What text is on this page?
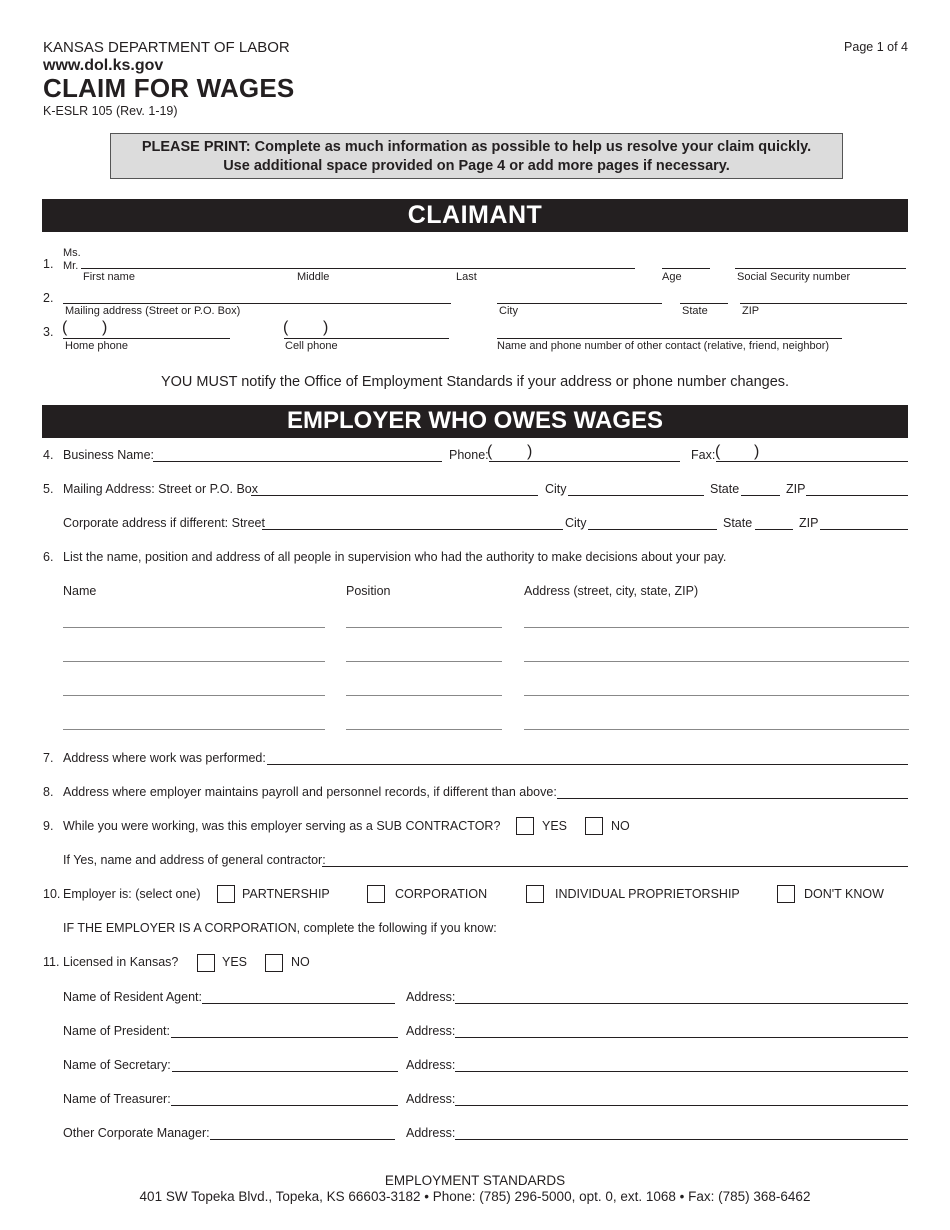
KANSAS DEPARTMENT OF LABOR
www.dol.ks.gov
CLAIM FOR WAGES
K-ESLR 105 (Rev. 1-19)
Page 1 of 4
PLEASE PRINT: Complete as much information as possible to help us resolve your claim quickly.
Use additional space provided on Page 4 or add more pages if necessary.
CLAIMANT
1.
Ms.
Mr.
First name	Middle	Last	Age	Social Security number
2.
Mailing address (Street or P.O. Box)	City	State	ZIP
3. ( )	( )
Home phone	Cell phone	Name and phone number of other contact (relative, friend, neighbor)
YOU MUST notify the Office of Employment Standards if your address or phone number changes.
EMPLOYER WHO OWES WAGES
4. Business Name:	Phone:
( )	Fax: ( )
5. Mailing Address: Street or P.O. Box	City	State	ZIP
Corporate address if different: Street	City	State	ZIP
6. List the name, position and address of all people in supervision who had the authority to make decisions about your pay.
Name	Position	Address (street, city, state, ZIP)
7. Address where work was performed:
8. Address where employer maintains payroll and personnel records, if different than above:
9. While you were working, was this employer serving as a SUB CONTRACTOR?	YES	NO
If Yes, name and address of general contractor:
10. Employer is: (select one)	PARTNERSHIP	CORPORATION	INDIVIDUAL PROPRIETORSHIP	DON'T KNOW
IF THE EMPLOYER IS A CORPORATION, complete the following if you know:
11. Licensed in Kansas?	YES	NO
Name of Resident Agent:	Address:
Name of President:	Address:
Name of Secretary:	Address:
Name of Treasurer:	Address:
Other Corporate Manager:	Address:
EMPLOYMENT STANDARDS
401 SW Topeka Blvd., Topeka, KS 66603-3182 • Phone: (785) 296-5000, opt. 0, ext. 1068 • Fax: (785) 368-6462
